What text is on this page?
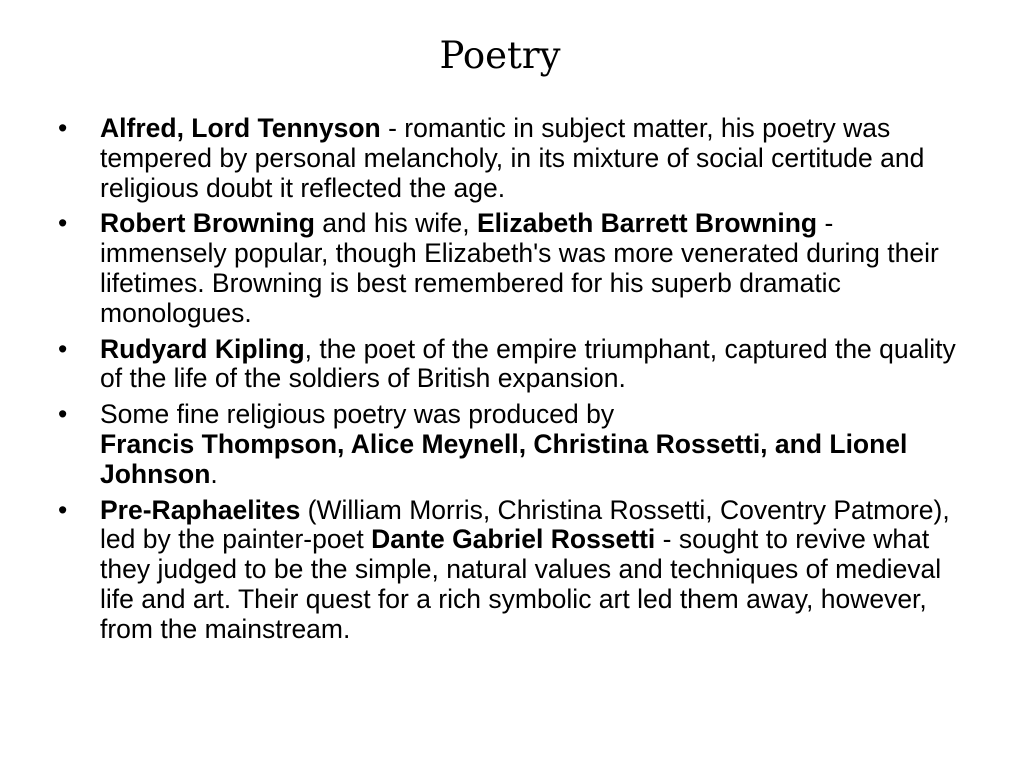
Poetry
• Alfred, Lord Tennyson - romantic in subject matter, his poetry was tempered by personal melancholy, in its mixture of social certitude and religious doubt it reflected the age.
• Robert Browning and his wife, Elizabeth Barrett Browning - immensely popular, though Elizabeth's was more venerated during their lifetimes. Browning is best remembered for his superb dramatic monologues.
• Rudyard Kipling, the poet of the empire triumphant, captured the quality of the life of the soldiers of British expansion.
• Some fine religious poetry was produced by
Francis Thompson, Alice Meynell, Christina Rossetti, and Lionel Johnson.
• Pre-Raphaelites (William Morris, Christina Rossetti, Coventry Patmore), led by the painter-poet Dante Gabriel Rossetti - sought to revive what they judged to be the simple, natural values and techniques of medieval life and art. Their quest for a rich symbolic art led them away, however, from the mainstream.
